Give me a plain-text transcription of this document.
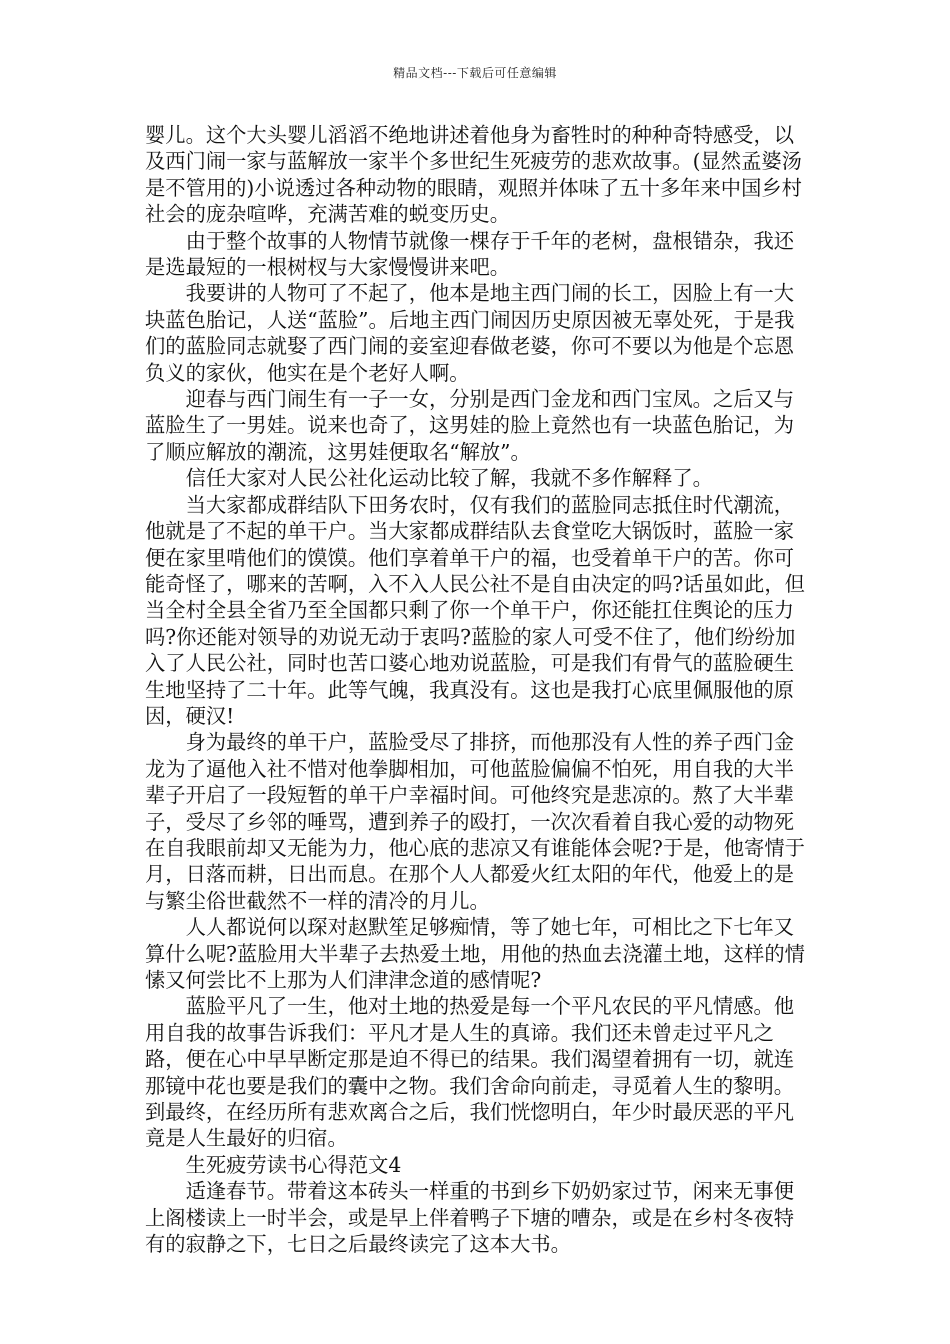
精品文档---下载后可任意编辑

婴儿。这个大头婴儿滔滔不绝地讲述着他身为畜牲时的种种奇特感受，以及西门闹一家与蓝解放一家半个多世纪生死疲劳的悲欢故事。(显然孟婆汤是不管用的)小说透过各种动物的眼睛，观照并体味了五十多年来中国乡村社会的庞杂喧哗，充满苦难的蜕变历史。

由于整个故事的人物情节就像一棵存于千年的老树，盘根错杂，我还是选最短的一根树杈与大家慢慢讲来吧。

我要讲的人物可了不起了，他本是地主西门闹的长工，因脸上有一大块蓝色胎记，人送“蓝脸”。后地主西门闹因历史原因被无辜处死，于是我们的蓝脸同志就娶了西门闹的妾室迎春做老婆，你可不要以为他是个忘恩负义的家伙，他实在是个老好人啊。

迎春与西门闹生有一子一女，分别是西门金龙和西门宝凤。之后又与蓝脸生了一男娃。说来也奇了，这男娃的脸上竟然也有一块蓝色胎记，为了顺应解放的潮流，这男娃便取名“解放”。

信任大家对人民公社化运动比较了解，我就不多作解释了。

当大家都成群结队下田务农时，仅有我们的蓝脸同志抵住时代潮流，他就是了不起的单干户。当大家都成群结队去食堂吃大锅饭时，蓝脸一家便在家里啃他们的馍馍。他们享着单干户的福，也受着单干户的苦。你可能奇怪了，哪来的苦啊，入不入人民公社不是自由决定的吗?话虽如此，但当全村全县全省乃至全国都只剩了你一个单干户，你还能扛住舆论的压力吗?你还能对领导的劝说无动于衷吗?蓝脸的家人可受不住了，他们纷纷加入了人民公社，同时也苦口婆心地劝说蓝脸，可是我们有骨气的蓝脸硬生生地坚持了二十年。此等气魄，我真没有。这也是我打心底里佩服他的原因，硬汉!

身为最终的单干户，蓝脸受尽了排挤，而他那没有人性的养子西门金龙为了逼他入社不惜对他拳脚相加，可他蓝脸偏偏不怕死，用自我的大半辈子开启了一段短暂的单干户幸福时间。可他终究是悲凉的。熬了大半辈子，受尽了乡邻的唾骂，遭到养子的殴打，一次次看着自我心爱的动物死在自我眼前却又无能为力，他心底的悲凉又有谁能体会呢?于是，他寄情于月，日落而耕，日出而息。在那个人人都爱火红太阳的年代，他爱上的是与繁尘俗世截然不一样的清冷的月儿。

人人都说何以琛对赵默笙足够痴情，等了她七年，可相比之下七年又算什么呢?蓝脸用大半辈子去热爱土地，用他的热血去浇灌土地，这样的情愫又何尝比不上那为人们津津念道的感情呢?

蓝脸平凡了一生，他对土地的热爱是每一个平凡农民的平凡情感。他用自我的故事告诉我们：平凡才是人生的真谛。我们还未曾走过平凡之路，便在心中早早断定那是迫不得已的结果。我们渴望着拥有一切，就连那镜中花也要是我们的囊中之物。我们舍命向前走，寻觅着人生的黎明。到最终，在经历所有悲欢离合之后，我们恍惚明白，年少时最厌恶的平凡竟是人生最好的归宿。

生死疲劳读书心得范文4

适逢春节。带着这本砖头一样重的书到乡下奶奶家过节，闲来无事便上阁楼读上一时半会，或是早上伴着鸭子下塘的嘈杂，或是在乡村冬夜特有的寂静之下，七日之后最终读完了这本大书。
